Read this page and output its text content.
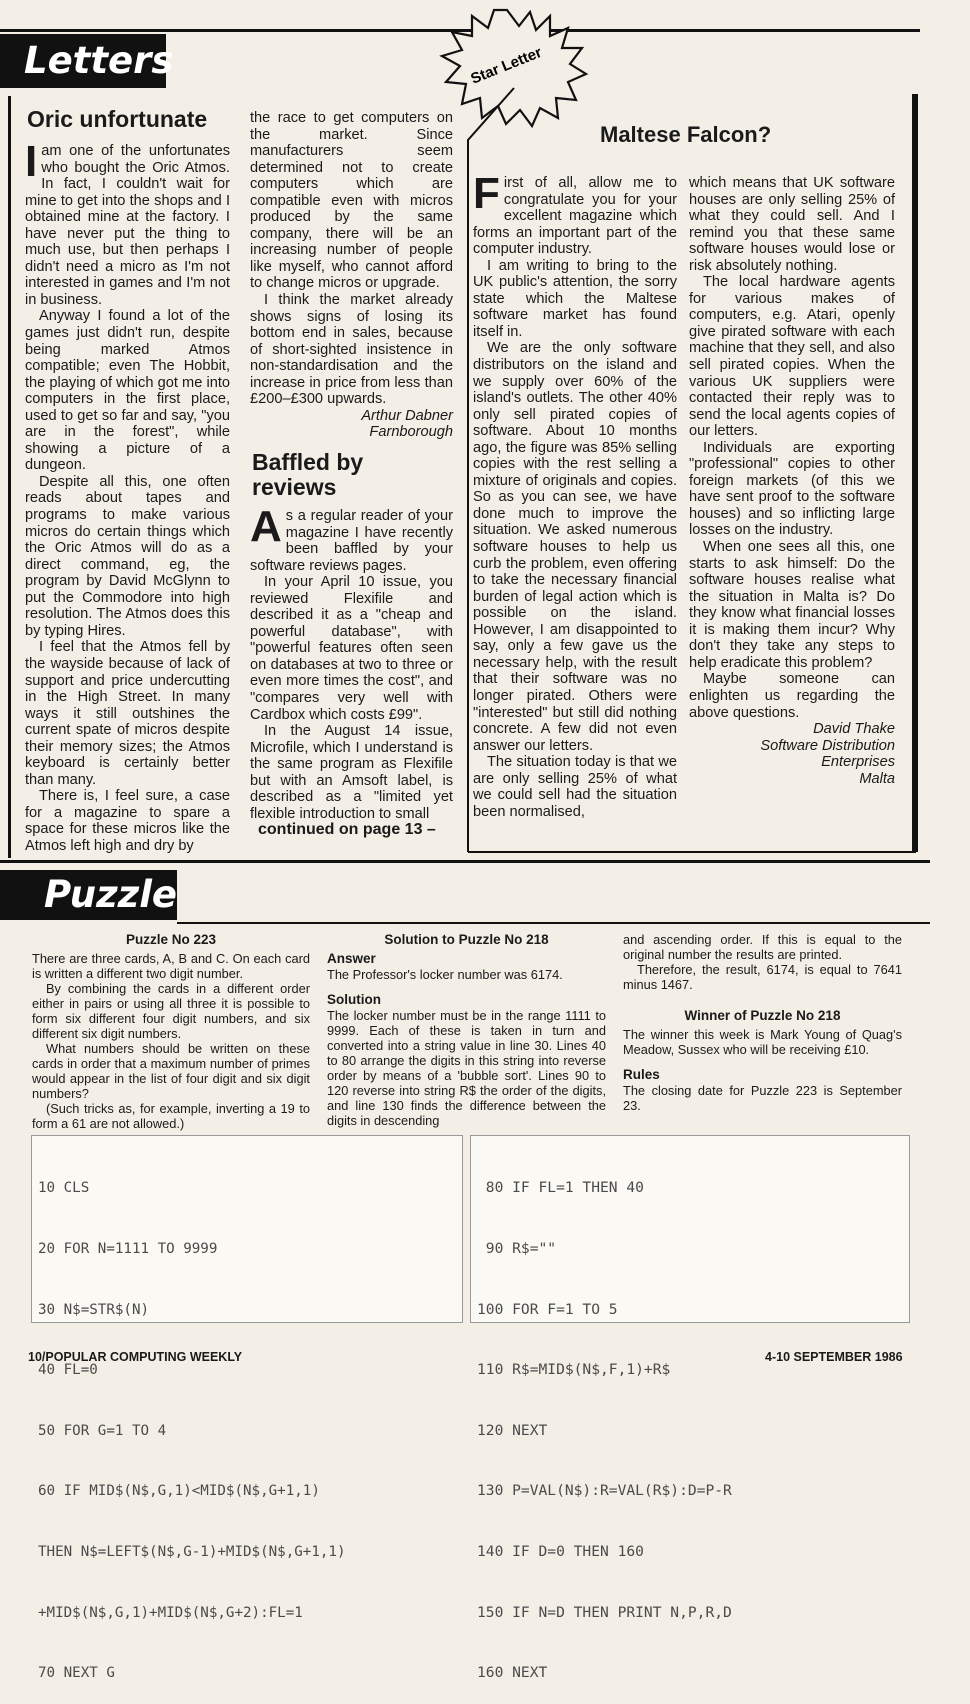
Letters	Star Letter
Oric unfortunate
I am one of the unfortunates who bought the Oric Atmos. In fact, I couldn't wait for mine to get into the shops and I obtained mine at the factory. I have never put the thing to much use, but then perhaps I didn't need a micro as I'm not interested in games and I'm not in business.

Anyway I found a lot of the games just didn't run, despite being marked Atmos compatible; even The Hobbit, the playing of which got me into computers in the first place, used to get so far and say, "you are in the forest", while showing a picture of a dungeon.

Despite all this, one often reads about tapes and programs to make various micros do certain things which the Oric Atmos will do as a direct command, eg, the program by David McGlynn to put the Commodore into high resolution. The Atmos does this by typing Hires.

I feel that the Atmos fell by the wayside because of lack of support and price undercutting in the High Street. In many ways it still outshines the current spate of micros despite their memory sizes; the Atmos keyboard is certainly better than many.

There is, I feel sure, a case for a magazine to spare a space for these micros like the Atmos left high and dry by

the race to get computers on the market. Since manufacturers seem determined not to create computers which are compatible even with micros produced by the same company, there will be an increasing number of people like myself, who cannot afford to change micros or upgrade.

I think the market already shows signs of losing its bottom end in sales, because of short-sighted insistence in non-standardisation and the increase in price from less than £200–£300 upwards.

Arthur Dabner

Farnborough

Baffled by
reviews
A s a regular reader of your magazine I have recently been baffled by your software reviews pages.

In your April 10 issue, you reviewed Flexifile and described it as a "cheap and powerful database", with "powerful features often seen on databases at two to three or even more times the cost", and "compares very well with Cardbox which costs £99".

In the August 14 issue, Microfile, which I understand is the same program as Flexifile but with an Amsoft label, is described as a "limited yet flexible introduction to small

continued on page 13 –

Maltese Falcon?
F irst of all, allow me to congratulate you for your excellent magazine which forms an important part of the computer industry.

I am writing to bring to the UK public's attention, the sorry state which the Maltese software market has found itself in.

We are the only software distributors on the island and we supply over 60% of the island's outlets. The other 40% only sell pirated copies of software. About 10 months ago, the figure was 85% selling copies with the rest selling a mixture of originals and copies. So as you can see, we have done much to improve the situation. We asked numerous software houses to help us curb the problem, even offering to take the necessary financial burden of legal action which is possible on the island. However, I am disappointed to say, only a few gave us the necessary help, with the result that their software was no longer pirated. Others were "interested" but still did nothing concrete. A few did not even answer our letters.

The situation today is that we are only selling 25% of what we could sell had the situation been normalised,

which means that UK software houses are only selling 25% of what they could sell. And I remind you that these same software houses would lose or risk absolutely nothing.

The local hardware agents for various makes of computers, e.g. Atari, openly give pirated software with each machine that they sell, and also sell pirated copies. When the various UK suppliers were contacted their reply was to send the local agents copies of our letters.

Individuals are exporting "professional" copies to other foreign markets (of this we have sent proof to the software houses) and so inflicting large losses on the industry.

When one sees all this, one starts to ask himself: Do the software houses realise what the situation in Malta is? Do they know what financial losses it is making them incur? Why don't they take any steps to help eradicate this problem?

Maybe someone can enlighten us regarding the above questions.

David Thake

Software Distribution

Enterprises

Malta

Puzzle
Puzzle No 223

There are three cards, A, B and C. On each card is written a different two digit number.

By combining the cards in a different order either in pairs or using all three it is possible to form six different four digit numbers, and six different six digit numbers.

What numbers should be written on these cards in order that a maximum number of primes would appear in the list of four digit and six digit numbers?

(Such tricks as, for example, inverting a 19 to form a 61 are not allowed.)

Solution to Puzzle No 218
Answer

The Professor's locker number was 6174.

Solution

The locker number must be in the range 1111 to 9999. Each of these is taken in turn and converted into a string value in line 30. Lines 40 to 80 arrange the digits in this string into reverse order by means of a 'bubble sort'. Lines 90 to 120 reverse into string R$ the order of the digits, and line 130 finds the difference between the digits in descending

and ascending order. If this is equal to the original number the results are printed.

Therefore, the result, 6174, is equal to 7641 minus 1467.

Winner of Puzzle No 218

The winner this week is Mark Young of Quag's Meadow, Sussex who will be receiving £10.

Rules

The closing date for Puzzle 223 is September 23.

10 CLS

20 FOR N=1111 TO 9999

30 N$=STR$(N)

40 FL=0

50 FOR G=1 TO 4

60 IF MID$(N$,G,1)<MID$(N$,G+1,1)

THEN N$=LEFT$(N$,G-1)+MID$(N$,G+1,1)

+MID$(N$,G,1)+MID$(N$,G+2):FL=1

70 NEXT G

80 IF FL=1 THEN 40

90 R$=""

100 FOR F=1 TO 5

110 R$=MID$(N$,F,1)+R$

120 NEXT

130 P=VAL(N$):R=VAL(R$):D=P-R

140 IF D=0 THEN 160

150 IF N=D THEN PRINT N,P,R,D

160 NEXT

10/POPULAR COMPUTING WEEKLY	4-10 SEPTEMBER 1986
